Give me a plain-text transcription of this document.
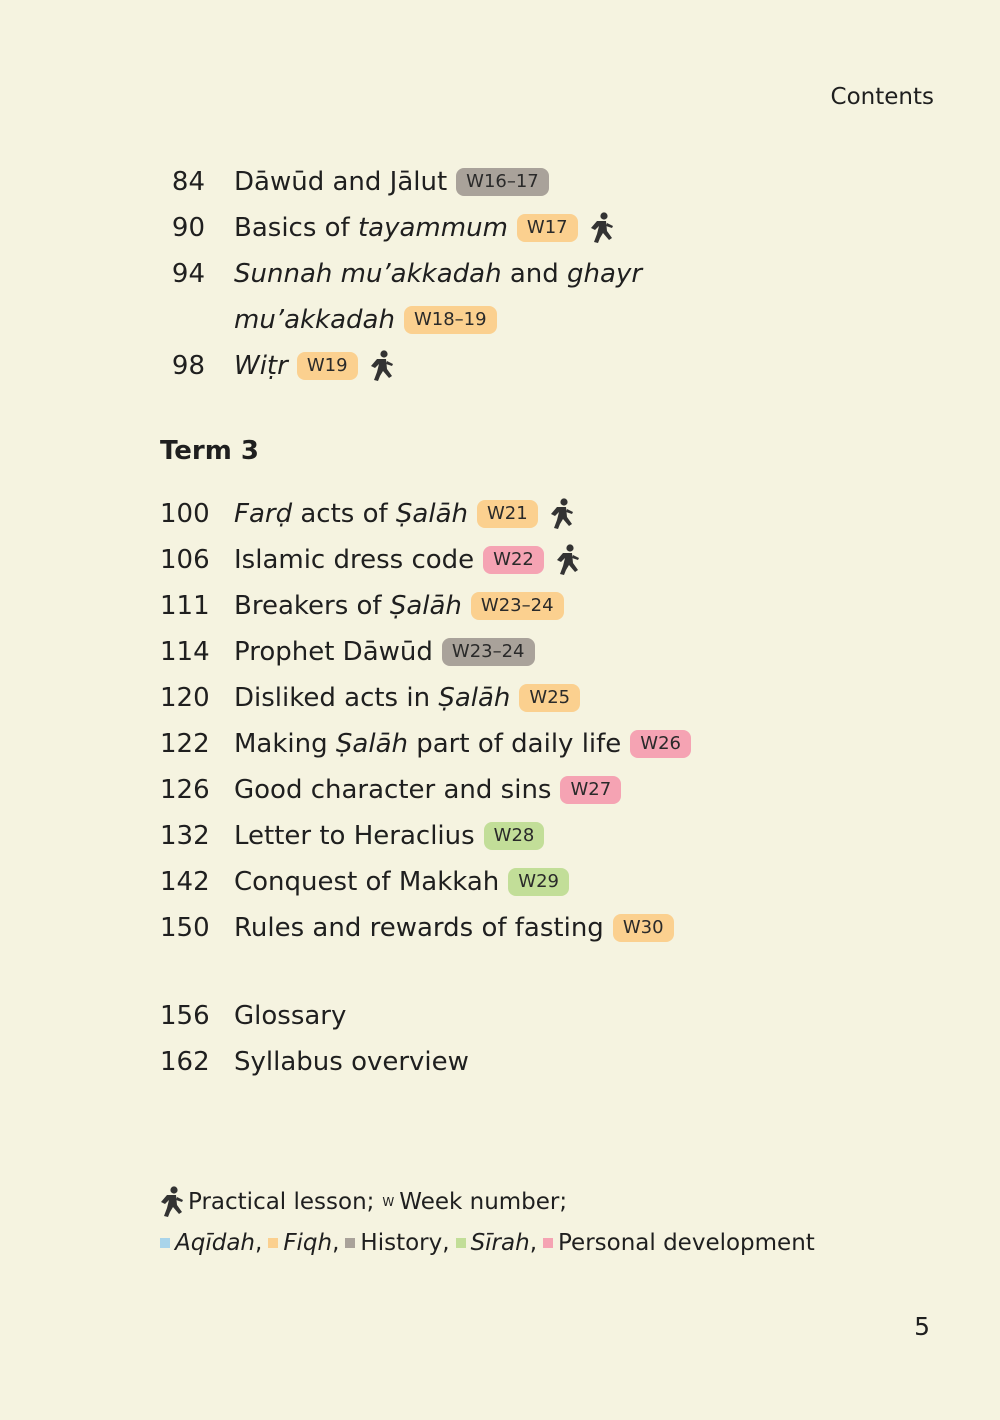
Contents
84 Dāwūd and Jālut	W16–17
90 Basics of tayammum	W17
94 Sunnah mu’akkadah and ghayr
mu’akkadah	W18–19
98 Wiṭr	W19
Term 3
100 Farḍ acts of Ṣalāh	W21
106 Islamic dress code	W22
111 Breakers of Ṣalāh	W23–24
114 Prophet Dāwūd	W23–24
120 Disliked acts in Ṣalāh	W25
122 Making Ṣalāh part of daily life	W26
126 Good character and sins	W27
132 Letter to Heraclius	W28
142 Conquest of Makkah	W29
150 Rules and rewards of fasting	W30
156 Glossary
162 Syllabus overview
Practical lesson; W Week number;
Aqīdah , Fiqh , History , Sīrah , Personal development
5
